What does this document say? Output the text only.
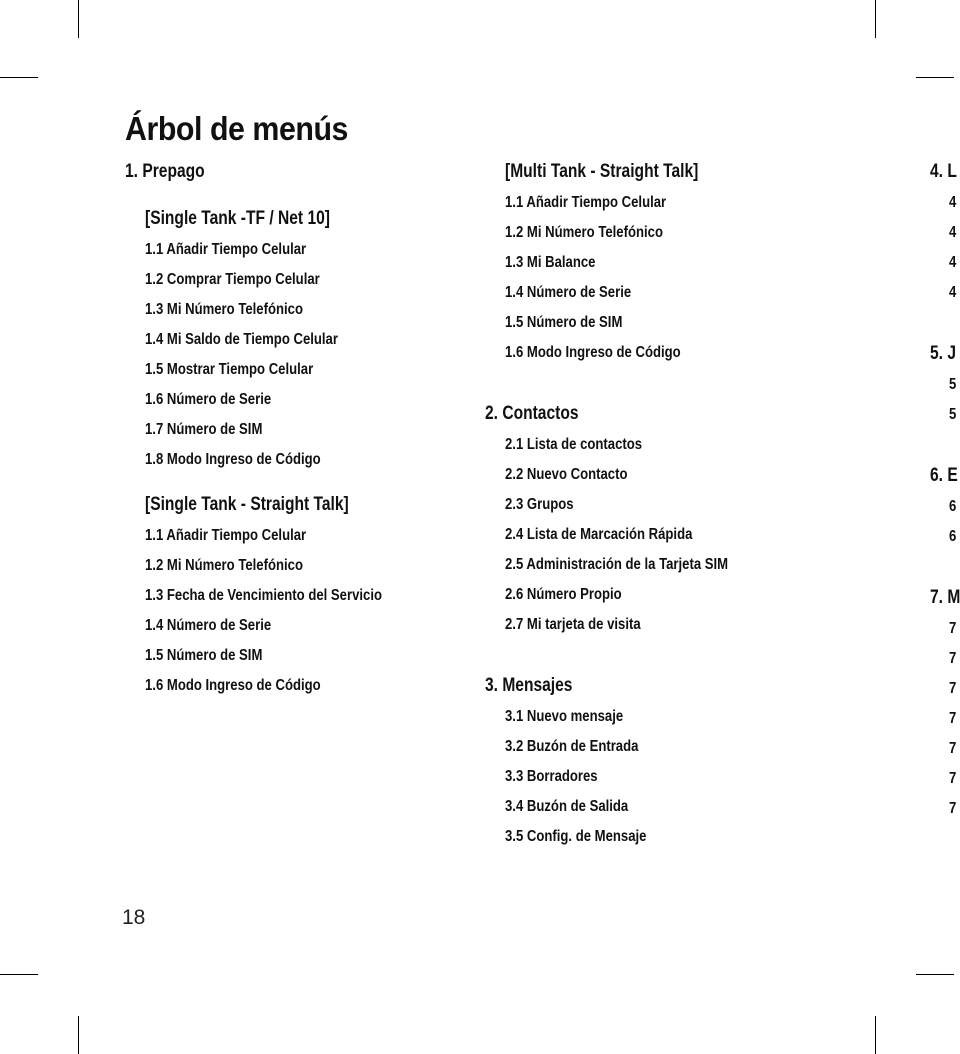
Árbol de menús
1. Prepago
[Single Tank -TF / Net 10]
1.1 Añadir Tiempo Celular
1.2 Comprar Tiempo Celular
1.3 Mi Número Telefónico
1.4 Mi Saldo de Tiempo Celular
1.5 Mostrar Tiempo Celular
1.6 Número de Serie
1.7 Número de SIM
1.8 Modo Ingreso de Código
[Single Tank - Straight Talk]
1.1 Añadir Tiempo Celular
1.2 Mi Número Telefónico
1.3 Fecha de Vencimiento del Servicio
1.4 Número de Serie
1.5 Número de SIM
1.6 Modo Ingreso de Código
[Multi Tank - Straight Talk]
1.1 Añadir Tiempo Celular
1.2 Mi Número Telefónico
1.3 Mi Balance
1.4 Número de Serie
1.5 Número de SIM
1.6 Modo Ingreso de Código
2. Contactos
2.1 Lista de contactos
2.2 Nuevo Contacto
2.3 Grupos
2.4 Lista de Marcación Rápida
2.5 Administración de la Tarjeta SIM
2.6 Número Propio
2.7 Mi tarjeta de visita
3. Mensajes
3.1 Nuevo mensaje
3.2 Buzón de Entrada
3.3 Borradores
3.4 Buzón de Salida
3.5 Config. de Mensaje
4. L
4
4
4
4
5. J
5
5
6. E
6
6
7. M
7
7
7
7
7
7
7
18
